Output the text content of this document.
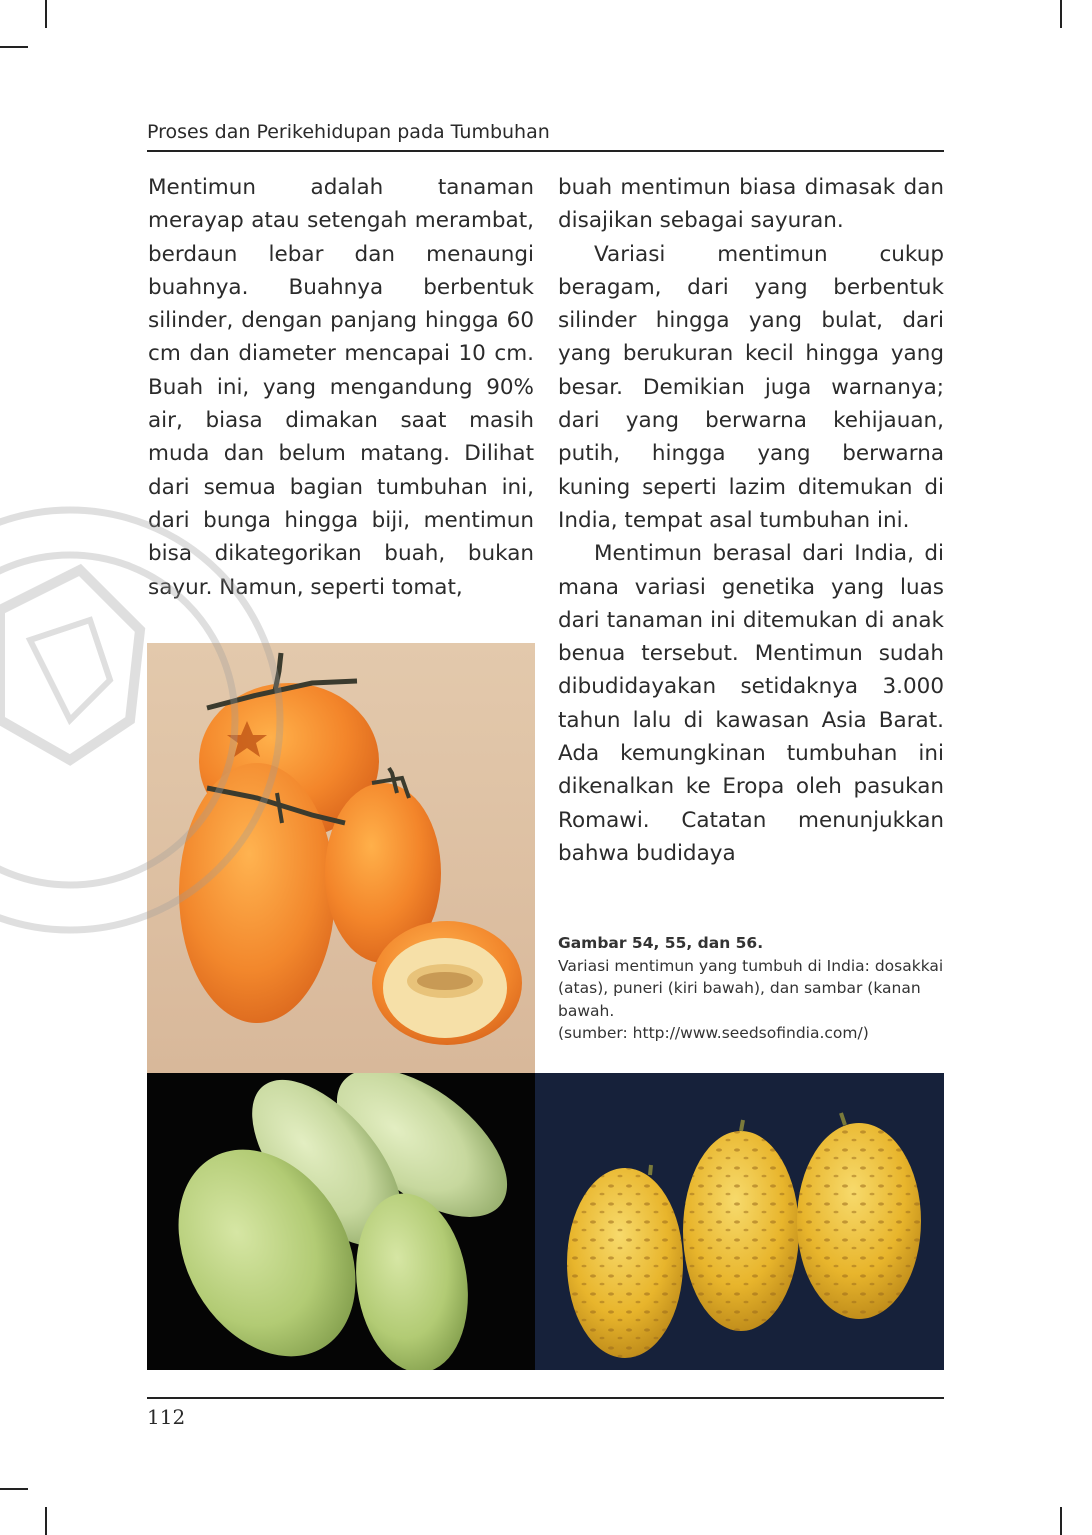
Proses dan Perikehidupan pada Tumbuhan

Mentimun adalah tanaman merayap atau setengah merambat, berdaun lebar dan menaungi buahnya. Buahnya berbentuk silinder, dengan panjang hingga 60 cm dan diameter mencapai 10 cm. Buah ini, yang mengandung 90% air, biasa dimakan saat masih muda dan belum matang. Dilihat dari semua bagian tumbuhan ini, dari bunga hingga biji, mentimun bisa dikategorikan buah, bukan sayur. Namun, seperti tomat,

buah mentimun biasa dimasak dan disajikan sebagai sayuran.

Variasi mentimun cukup beragam, dari yang berbentuk silinder hingga yang bulat, dari yang berukuran kecil hingga yang besar. Demikian juga warnanya; dari yang berwarna kehijauan, putih, hingga yang berwarna kuning seperti lazim ditemukan di India, tempat asal tumbuhan ini.

Mentimun berasal dari India, di mana variasi genetika yang luas dari tanaman ini ditemukan di anak benua tersebut. Mentimun sudah dibudidayakan setidaknya 3.000 tahun lalu di kawasan Asia Barat. Ada kemungkinan tumbuhan ini dikenalkan ke Eropa oleh pasukan Romawi. Catatan menunjukkan bahwa budidaya

Gambar 54, 55, dan 56.
Variasi mentimun yang tumbuh di India: dosakkai (atas), puneri (kiri bawah), dan sambar (kanan bawah.
(sumber: http://www.seedsofindia.com/)
112
